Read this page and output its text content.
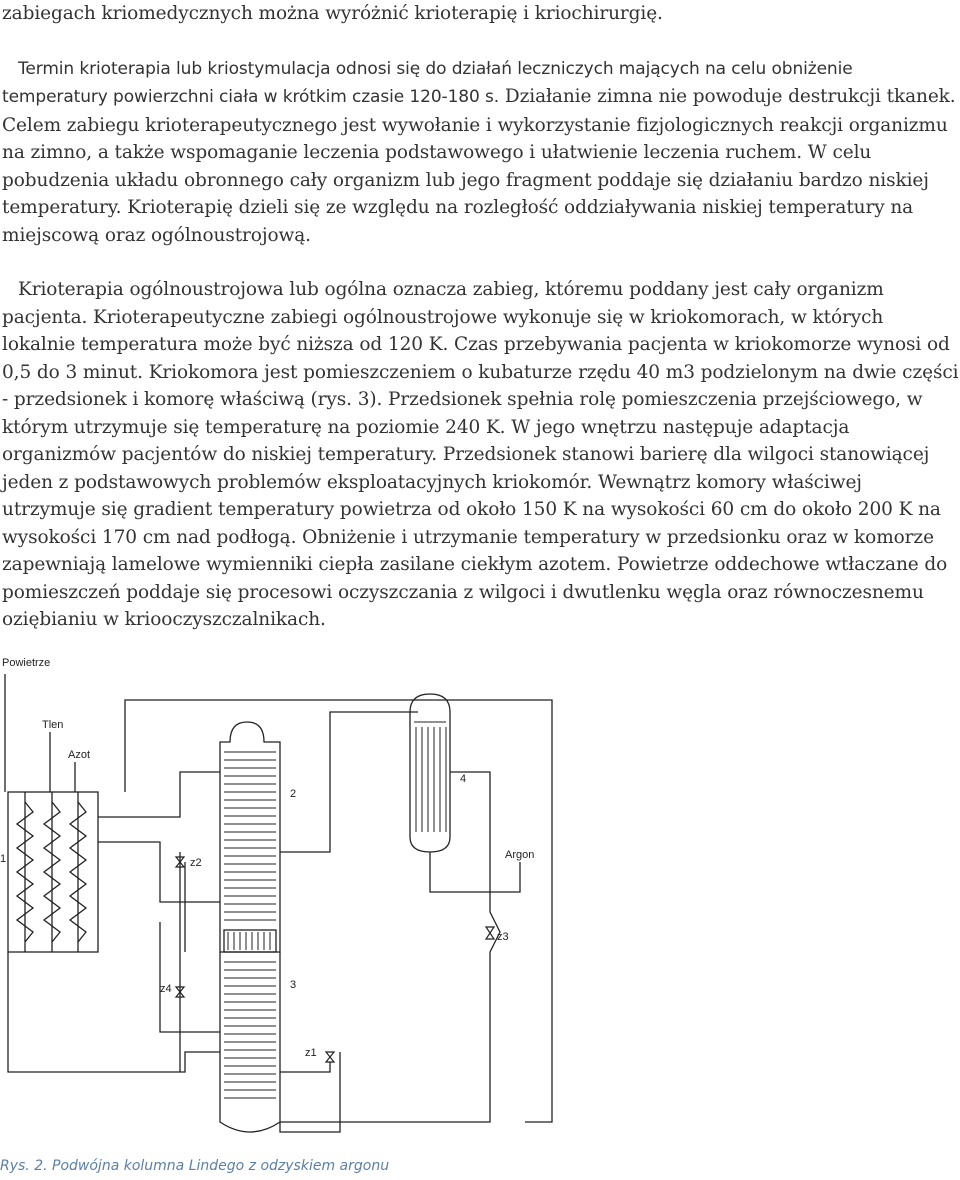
zabiegach kriomedycznych można wyróżnić krioterapię i kriochirurgię.

Termin krioterapia lub kriostymulacja odnosi się do działań leczniczych mających na celu obniżenie temperatury powierzchni ciała w krótkim czasie 120-180 s. Działanie zimna nie powoduje destrukcji tkanek. Celem zabiegu krioterapeutycznego jest wywołanie i wykorzystanie fizjologicznych reakcji organizmu na zimno, a także wspomaganie leczenia podstawowego i ułatwienie leczenia ruchem. W celu pobudzenia układu obronnego cały organizm lub jego fragment poddaje się działaniu bardzo niskiej temperatury. Krioterapię dzieli się ze względu na rozległość oddziaływania niskiej temperatury na miejscową oraz ogólnoustrojową.

Krioterapia ogólnoustrojowa lub ogólna oznacza zabieg, któremu poddany jest cały organizm pacjenta. Krioterapeutyczne zabiegi ogólnoustrojowe wykonuje się w kriokomorach, w których lokalnie temperatura może być niższa od 120 K. Czas przebywania pacjenta w kriokomorze wynosi od 0,5 do 3 minut. Kriokomora jest pomieszczeniem o kubaturze rzędu 40 m3 podzielonym na dwie części - przedsionek i komorę właściwą (rys. 3). Przedsionek spełnia rolę pomieszczenia przejściowego, w którym utrzymuje się temperaturę na poziomie 240 K. W jego wnętrzu następuje adaptacja organizmów pacjentów do niskiej temperatury. Przedsionek stanowi barierę dla wilgoci stanowiącej jeden z podstawowych problemów eksploatacyjnych kriokomór. Wewnątrz komory właściwej utrzymuje się gradient temperatury powietrza od około 150 K na wysokości 60 cm do około 200 K na wysokości 170 cm nad podłogą. Obniżenie i utrzymanie temperatury w przedsionku oraz w komorze zapewniają lamelowe wymienniki ciepła zasilane ciekłym azotem. Powietrze oddechowe wtłaczane do pomieszczeń poddaje się procesowi oczyszczania z wilgoci i dwutlenku węgla oraz równoczesnemu oziębianiu w kriooczyszczalnikach.

Powietrze
Tlen
Azot
Argon
1
2
3
4
z1
z2
z3
z4
Rys. 2. Podwójna kolumna Lindego z odzyskiem argonu
